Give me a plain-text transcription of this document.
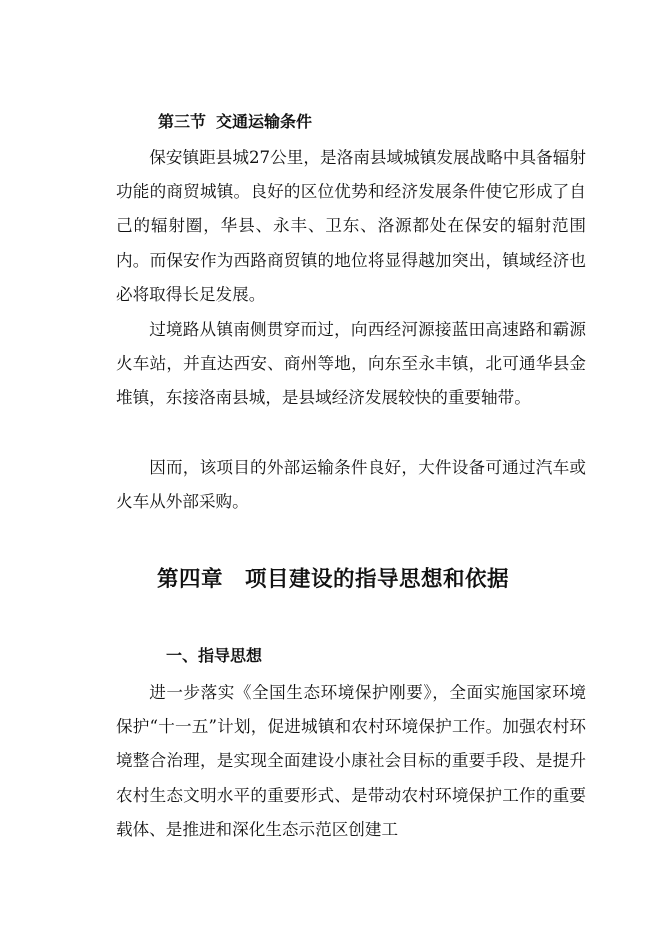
第三节 交通运输条件

保安镇距县城27公里，是洛南县域城镇发展战略中具备辐射功能的商贸城镇。良好的区位优势和经济发展条件使它形成了自己的辐射圈，华县、永丰、卫东、洛源都处在保安的辐射范围内。而保安作为西路商贸镇的地位将显得越加突出，镇域经济也必将取得长足发展。

过境路从镇南侧贯穿而过，向西经河源接蓝田高速路和霸源火车站，并直达西安、商州等地，向东至永丰镇，北可通华县金堆镇，东接洛南县城，是县域经济发展较快的重要轴带。

因而，该项目的外部运输条件良好，大件设备可通过汽车或火车从外部采购。

第四章 项目建设的指导思想和依据
一、指导思想

进一步落实《全国生态环境保护刚要》，全面实施国家环境保护“十一五”计划，促进城镇和农村环境保护工作。加强农村环境整合治理，是实现全面建设小康社会目标的重要手段、是提升农村生态文明水平的重要形式、是带动农村环境保护工作的重要载体、是推进和深化生态示范区创建工
